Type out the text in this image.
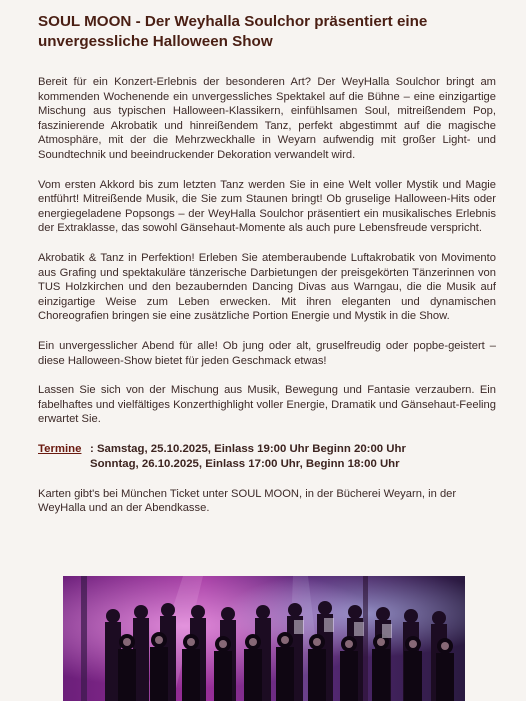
SOUL MOON - Der Weyhalla Soulchor präsentiert eine unvergessliche Halloween Show

Bereit für ein Konzert-Erlebnis der besonderen Art? Der WeyHalla Soulchor bringt am kommenden Wochenende ein unvergessliches Spektakel auf die Bühne – eine einzigartige Mischung aus typischen Halloween-Klassikern, einfühlsamen Soul, mitreißendem Pop, faszinierende Akrobatik und hinreißendem Tanz, perfekt abgestimmt auf die magische Atmosphäre, mit der die Mehrzweckhalle in Weyarn aufwendig mit großer Light- und Soundtechnik und beeindruckender Dekoration verwandelt wird.

Vom ersten Akkord bis zum letzten Tanz werden Sie in eine Welt voller Mystik und Magie entführt! Mitreißende Musik, die Sie zum Staunen bringt! Ob gruselige Halloween-Hits oder energiegeladene Popsongs – der WeyHalla Soulchor präsentiert ein musikalisches Erlebnis der Extraklasse, das sowohl Gänsehaut-Momente als auch pure Lebensfreude verspricht.

Akrobatik & Tanz in Perfektion! Erleben Sie atemberaubende Luftakrobatik von Movimento aus Grafing und spektakuläre tänzerische Darbietungen der preisgekörten Tänzerinnen von TUS Holzkirchen und den bezaubernden Dancing Divas aus Warngau, die die Musik auf einzigartige Weise zum Leben erwecken. Mit ihren eleganten und dynamischen Choreografien bringen sie eine zusätzliche Portion Energie und Mystik in die Show.

Ein unvergesslicher Abend für alle! Ob jung oder alt, gruselfreudig oder popbe-geistert – diese Halloween-Show bietet für jeden Geschmack etwas!

Lassen Sie sich von der Mischung aus Musik, Bewegung und Fantasie verzaubern. Ein fabelhaftes und vielfältiges Konzerthighlight voller Energie, Dramatik und Gänsehaut-Feeling erwartet Sie.

Termine : Samstag, 25.10.2025, Einlass 19:00 Uhr Beginn 20:00 Uhr
Sonntag, 26.10.2025, Einlass 17:00 Uhr, Beginn 18:00 Uhr

Karten gibt's bei München Ticket unter SOUL MOON, in der Bücherei Weyarn, in der WeyHalla und an der Abendkasse.
